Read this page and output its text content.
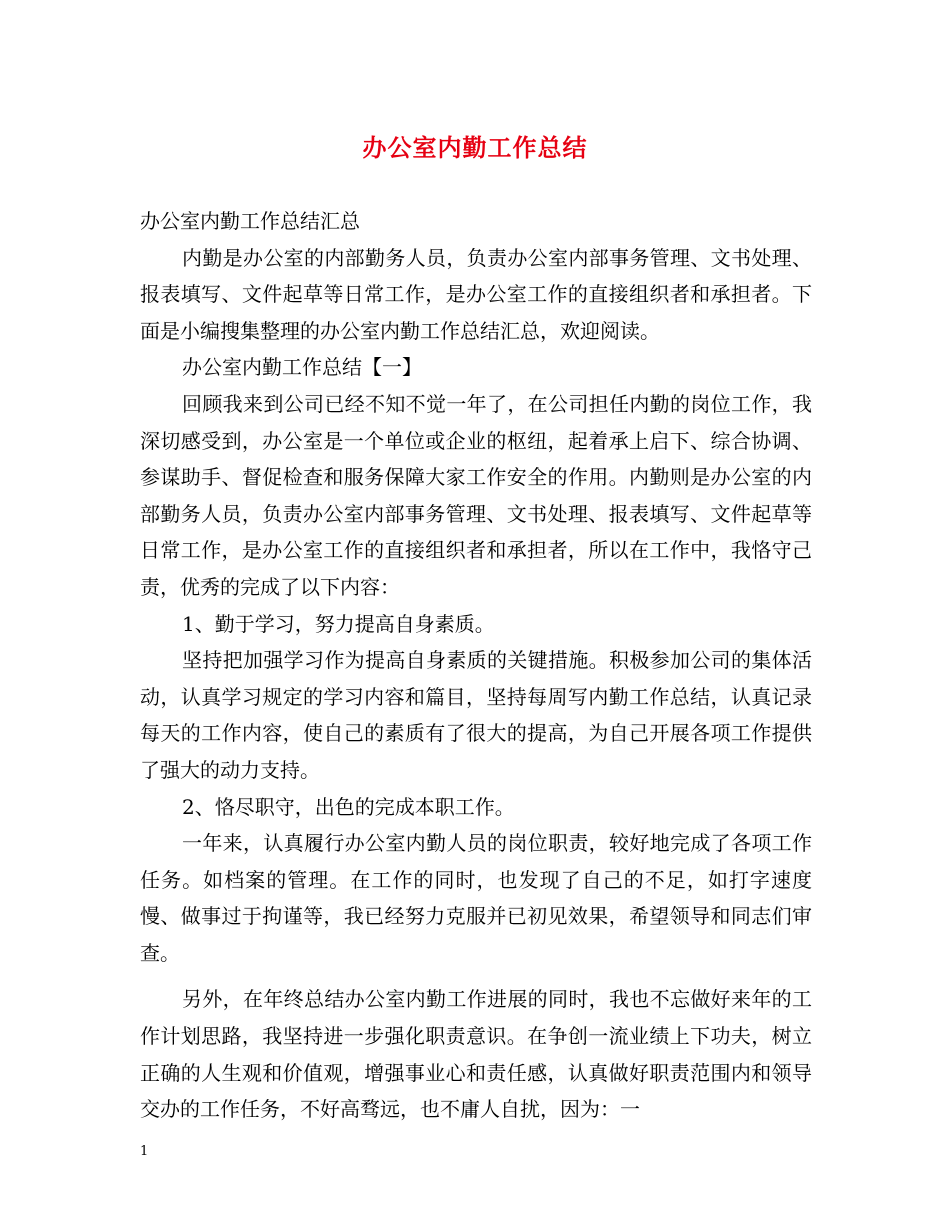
办公室内勤工作总结

办公室内勤工作总结汇总

内勤是办公室的内部勤务人员，负责办公室内部事务管理、文书处理、报表填写、文件起草等日常工作，是办公室工作的直接组织者和承担者。下面是小编搜集整理的办公室内勤工作总结汇总，欢迎阅读。

办公室内勤工作总结【一】

回顾我来到公司已经不知不觉一年了，在公司担任内勤的岗位工作，我深切感受到，办公室是一个单位或企业的枢纽，起着承上启下、综合协调、参谋助手、督促检查和服务保障大家工作安全的作用。内勤则是办公室的内部勤务人员，负责办公室内部事务管理、文书处理、报表填写、文件起草等日常工作，是办公室工作的直接组织者和承担者，所以在工作中，我恪守己责，优秀的完成了以下内容：

1、勤于学习，努力提高自身素质。

坚持把加强学习作为提高自身素质的关键措施。积极参加公司的集体活动，认真学习规定的学习内容和篇目，坚持每周写内勤工作总结，认真记录每天的工作内容，使自己的素质有了很大的提高，为自己开展各项工作提供了强大的动力支持。

2、恪尽职守，出色的完成本职工作。

一年来，认真履行办公室内勤人员的岗位职责，较好地完成了各项工作任务。如档案的管理。在工作的同时，也发现了自己的不足，如打字速度慢、做事过于拘谨等，我已经努力克服并已初见效果，希望领导和同志们审查。

另外，在年终总结办公室内勤工作进展的同时，我也不忘做好来年的工作计划思路，我坚持进一步强化职责意识。在争创一流业绩上下功夫，树立正确的人生观和价值观，增强事业心和责任感，认真做好职责范围内和领导交办的工作任务，不好高骛远，也不庸人自扰，因为：一

1
